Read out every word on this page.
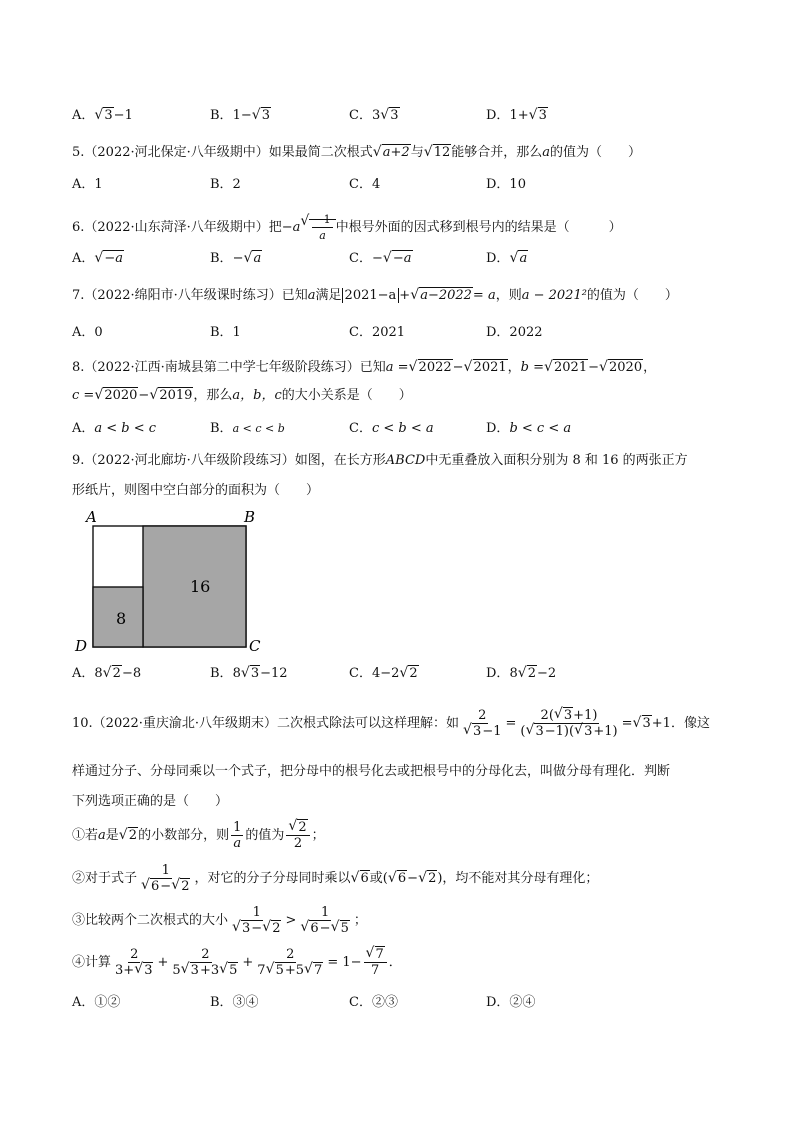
A． √ 3−1	B．1− √ 3	C．3 √ 3	D．1+ √ 3
5.（2022·河北保定·八年级期中）如果最简二次根式 √ a+2与 √ 12能够合并，那么a的值为（　　）
A．1	B．2	C．4	D．10
6.（2022·山东菏泽·八年级期中）把−a √ $\frac{-1}{a}$ 中根号外面的因式移到根号内的结果是（　　　）
A． √ −a	B．− √ a	C．− √ −a	D． √ a
7.（2022·绵阳市·八年级课时练习）已知a满足 2021−a + √ a−2022= a，则a − 2021²的值为（　　）
A．0	B．1	C．2021	D．2022
8.（2022·江西·南城县第二中学七年级阶段练习）已知a = √ 2022− √ 2021，b = √ 2021− √ 2020，
c = √ 2020− √ 2019，那么a，b，c的大小关系是（　　）
A．a < b < c	B．a < c < b	C．c < b < a	D．b < c < a
9.（2022·河北廊坊·八年级阶段练习）如图，在长方形ABCD中无重叠放入面积分别为 8 和 16 的两张正方
形纸片，则图中空白部分的面积为（　　）
A	B
C
D
8
16
A．8 √ 2−8	B．8 √ 3−12	C．4−2 √ 2	D．8 √ 2−2
10.（2022·重庆渝北·八年级期末）二次根式除法可以这样理解：如 2
√ $3-1 = \frac{2( √ 3+1)}{( √ 3-1)( √ 3+1)}$ = √ 3+1．像这
样通过分子、分母同乘以一个式子，把分母中的根号化去或把根号中的分母化去，叫做分母有理化．判断
下列选项正确的是（　　）
①若a是 √ 2的小数部分，则 $\frac{1}{a}$ 的值为 √ $\frac{2}{2}$ ；
②对于式子 1
√ 6− √ 2 ，对它的分子分母同时乘以 √ 6或( √ 6− √ 2)，均不能对其分母有理化；
③比较两个二次根式的大小 1
√ 3− √ 2 > 1
√ 6− √ 5 ；
④计算 $\frac{2}{3+ √ 3} + \frac{2}{5 √ 3+3 √ 5} + \frac{2}{7 √ 5+5 √ 7} = 1-$ √ $\frac{7}{7}$ ．
A．①②	B．③④	C．②③	D．②④
